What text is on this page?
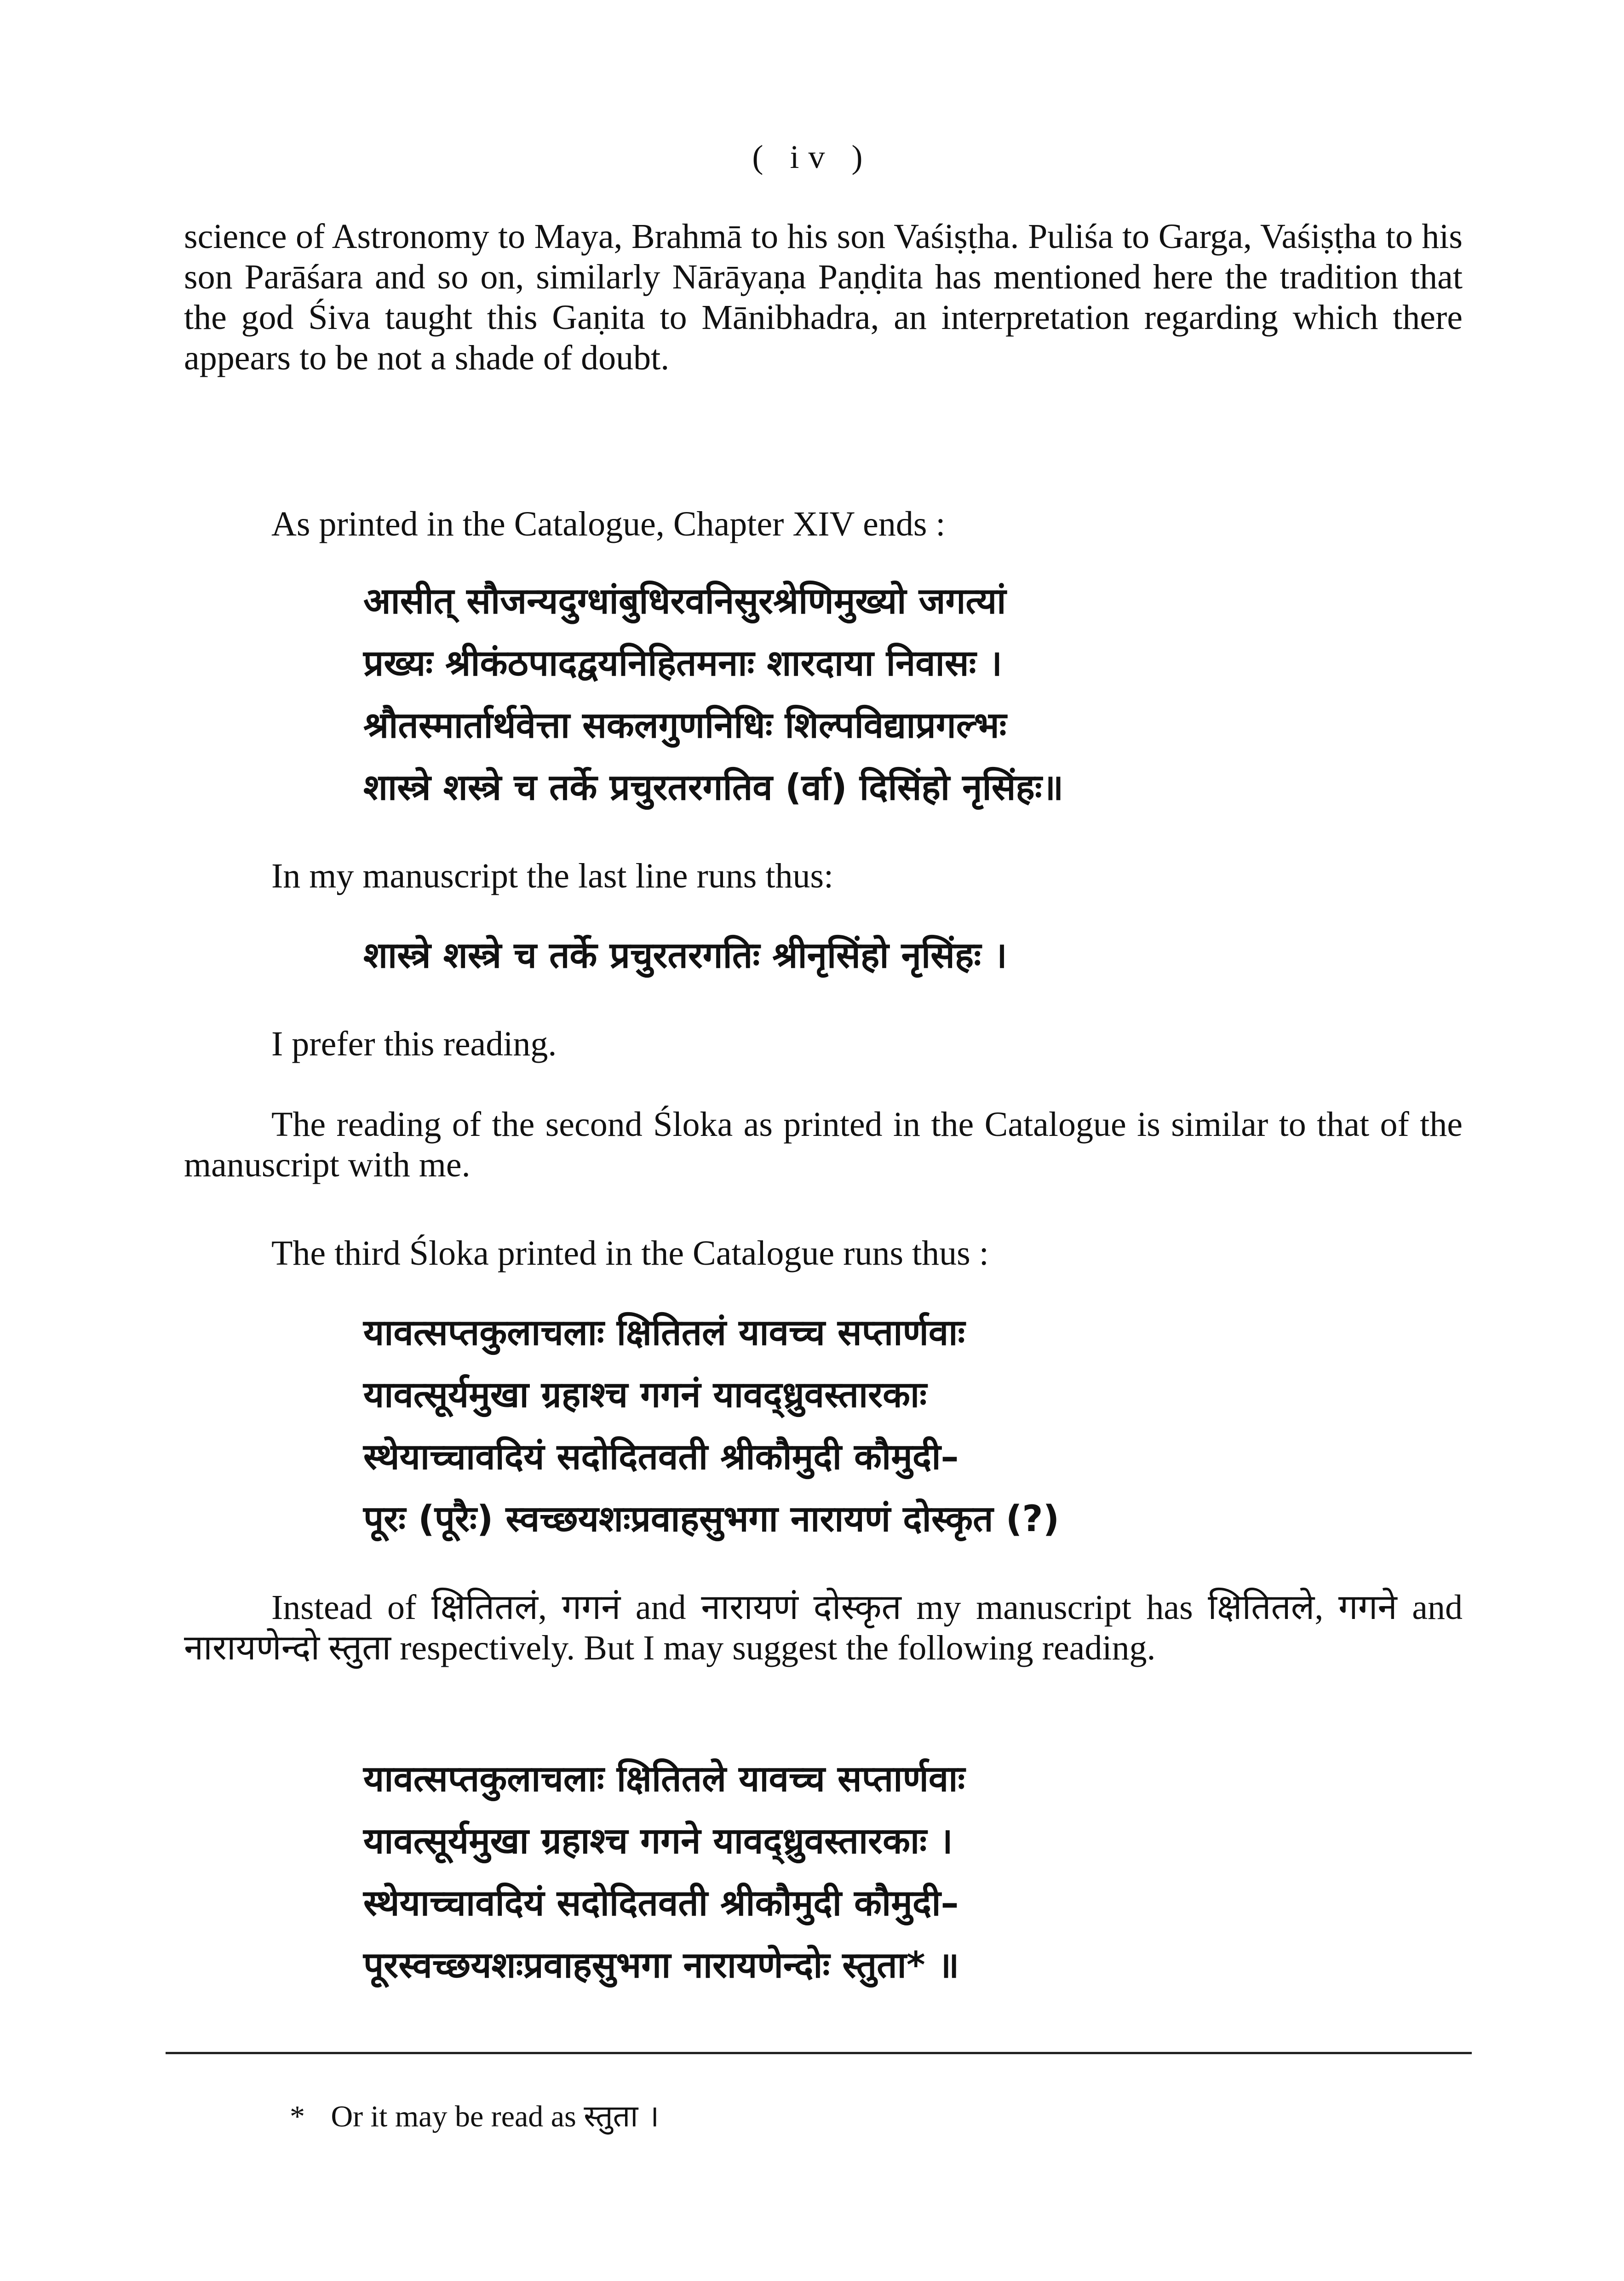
( iv )

science of Astronomy to Maya, Brahmā to his son Vaśiṣṭha. Puliśa to Garga, Vaśiṣṭha to his son Parāśara and so on, similarly Nārāyaṇa Paṇḍita has mentioned here the tradition that the god Śiva taught this Gaṇita to Mānibhadra, an interpretation regarding which there appears to be not a shade of doubt.

As printed in the Catalogue, Chapter XIV ends :

आसीत् सौजन्यदुग्धांबुधिरवनिसुरश्रेणिमुख्यो जगत्यां
प्रख्यः श्रीकंठपादद्वयनिहितमनाः शारदाया निवासः ।
श्रौतस्मार्तार्थवेत्ता सकलगुणनिधिः शिल्पविद्याप्रगल्भः
शास्त्रे शस्त्रे च तर्के प्रचुरतरगतिव (र्वा) दिसिंहो नृसिंहः॥

In my manuscript the last line runs thus:

शास्त्रे शस्त्रे च तर्के प्रचुरतरगतिः श्रीनृसिंहो नृसिंहः ।

I prefer this reading.

The reading of the second Śloka as printed in the Catalogue is similar to that of the manuscript with me.

The third Śloka printed in the Catalogue runs thus :

यावत्सप्तकुलाचलाः क्षितितलं यावच्च सप्तार्णवाः
यावत्सूर्यमुखा ग्रहाश्च गगनं यावद्ध्रुवस्तारकाः
स्थेयाच्चावदियं सदोदितवती श्रीकौमुदी कौमुदी–
पूरः (पूरैः) स्वच्छयशःप्रवाहसुभगा नारायणं दोस्कृत (?)

Instead of क्षितितलं, गगनं and नारायणं दोस्कृत my manuscript has क्षितितले, गगने and नारायणेन्दो स्तुता respectively. But I may suggest the following reading.

यावत्सप्तकुलाचलाः क्षितितले यावच्च सप्तार्णवाः
यावत्सूर्यमुखा ग्रहाश्च गगने यावद्ध्रुवस्तारकाः ।
स्थेयाच्चावदियं सदोदितवती श्रीकौमुदी कौमुदी–
पूरस्वच्छयशःप्रवाहसुभगा नारायणेन्दोः स्तुता* ॥
* Or it may be read as स्तुता ।
